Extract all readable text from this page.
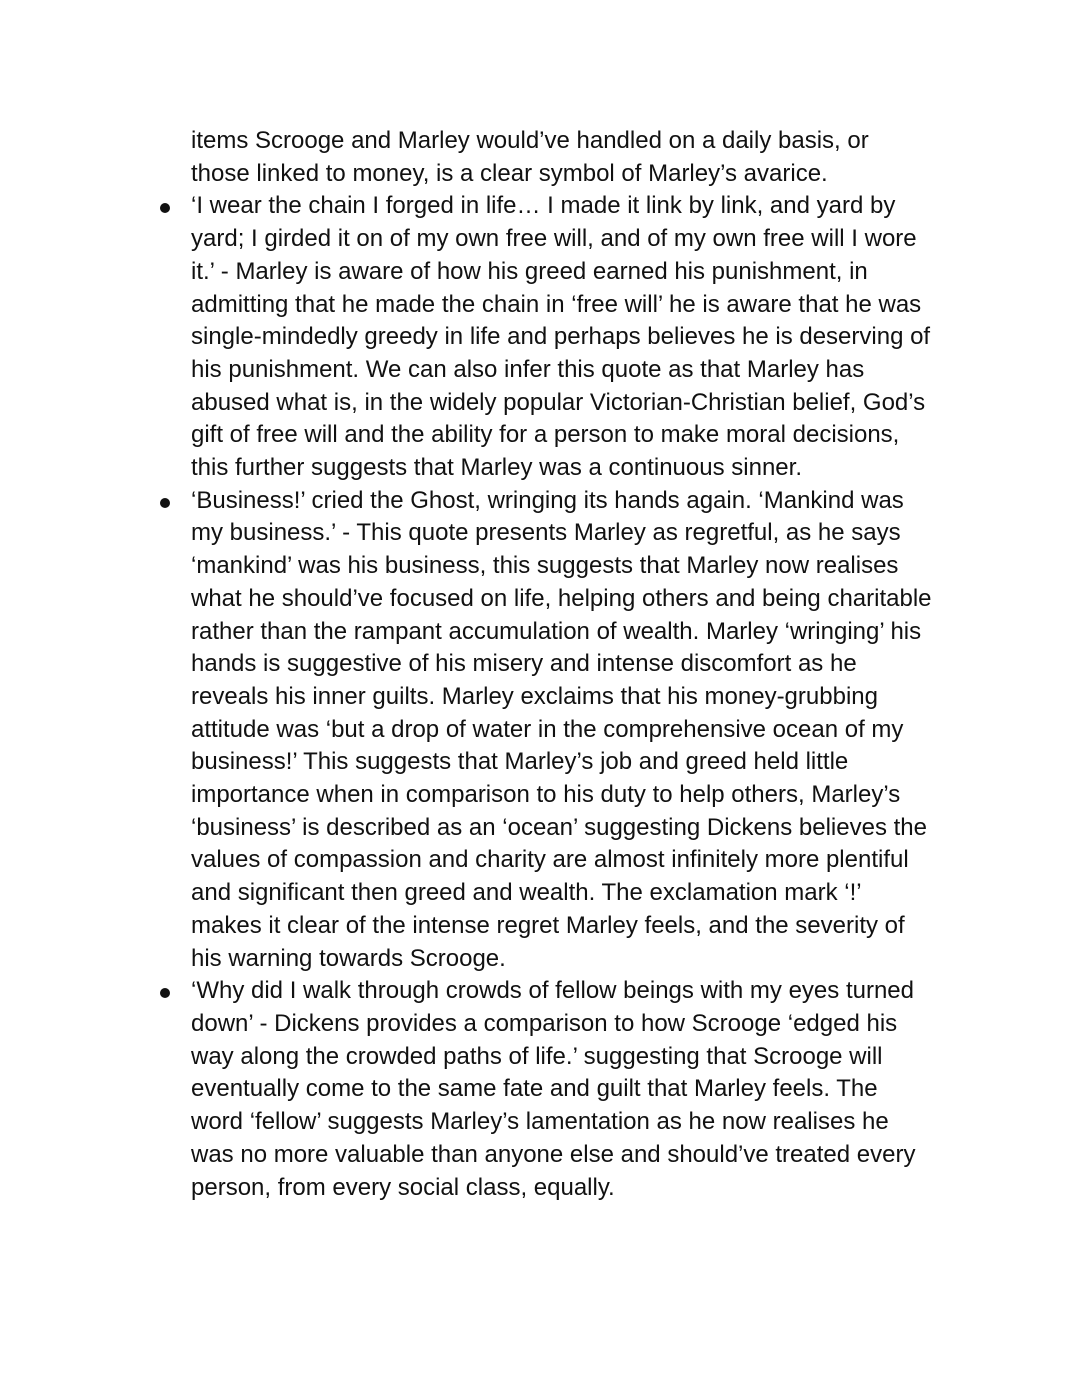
items Scrooge and Marley would’ve handled on a daily basis, or
those linked to money, is a clear symbol of Marley’s avarice.

‘I wear the chain I forged in life… I made it link by link, and yard by
yard; I girded it on of my own free will, and of my own free will I wore
it.’ - Marley is aware of how his greed earned his punishment, in
admitting that he made the chain in ‘free will’ he is aware that he was
single-mindedly greedy in life and perhaps believes he is deserving of
his punishment. We can also infer this quote as that Marley has
abused what is, in the widely popular Victorian-Christian belief, God’s
gift of free will and the ability for a person to make moral decisions,
this further suggests that Marley was a continuous sinner.
‘Business!’ cried the Ghost, wringing its hands again. ‘Mankind was
my business.’ - This quote presents Marley as regretful, as he says
‘mankind’ was his business, this suggests that Marley now realises
what he should’ve focused on life, helping others and being charitable
rather than the rampant accumulation of wealth. Marley ‘wringing’ his
hands is suggestive of his misery and intense discomfort as he
reveals his inner guilts. Marley exclaims that his money-grubbing
attitude was ‘but a drop of water in the comprehensive ocean of my
business!’ This suggests that Marley’s job and greed held little
importance when in comparison to his duty to help others, Marley’s
‘business’ is described as an ‘ocean’ suggesting Dickens believes the
values of compassion and charity are almost infinitely more plentiful
and significant then greed and wealth. The exclamation mark ‘!’
makes it clear of the intense regret Marley feels, and the severity of
his warning towards Scrooge.
‘Why did I walk through crowds of fellow beings with my eyes turned
down’ - Dickens provides a comparison to how Scrooge ‘edged his
way along the crowded paths of life.’ suggesting that Scrooge will
eventually come to the same fate and guilt that Marley feels. The
word ‘fellow’ suggests Marley’s lamentation as he now realises he
was no more valuable than anyone else and should’ve treated every
person, from every social class, equally.
